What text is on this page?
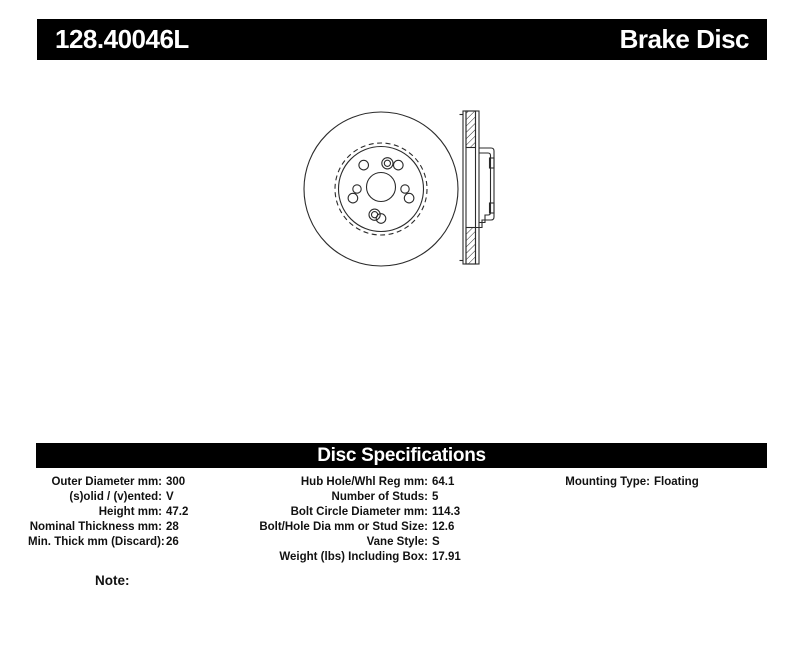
128.40046L	Brake Disc
Disc Specifications
Outer Diameter mm: 300
(s)olid / (v)ented: V
Height mm: 47.2
Nominal Thickness mm: 28
Min. Thick mm (Discard): 26
Hub Hole/Whl Reg mm: 64.1
Number of Studs: 5
Bolt Circle Diameter mm: 114.3
Bolt/Hole Dia mm or Stud Size: 12.6
Vane Style: S
Weight (lbs) Including Box: 17.91
Mounting Type: Floating
Note:
